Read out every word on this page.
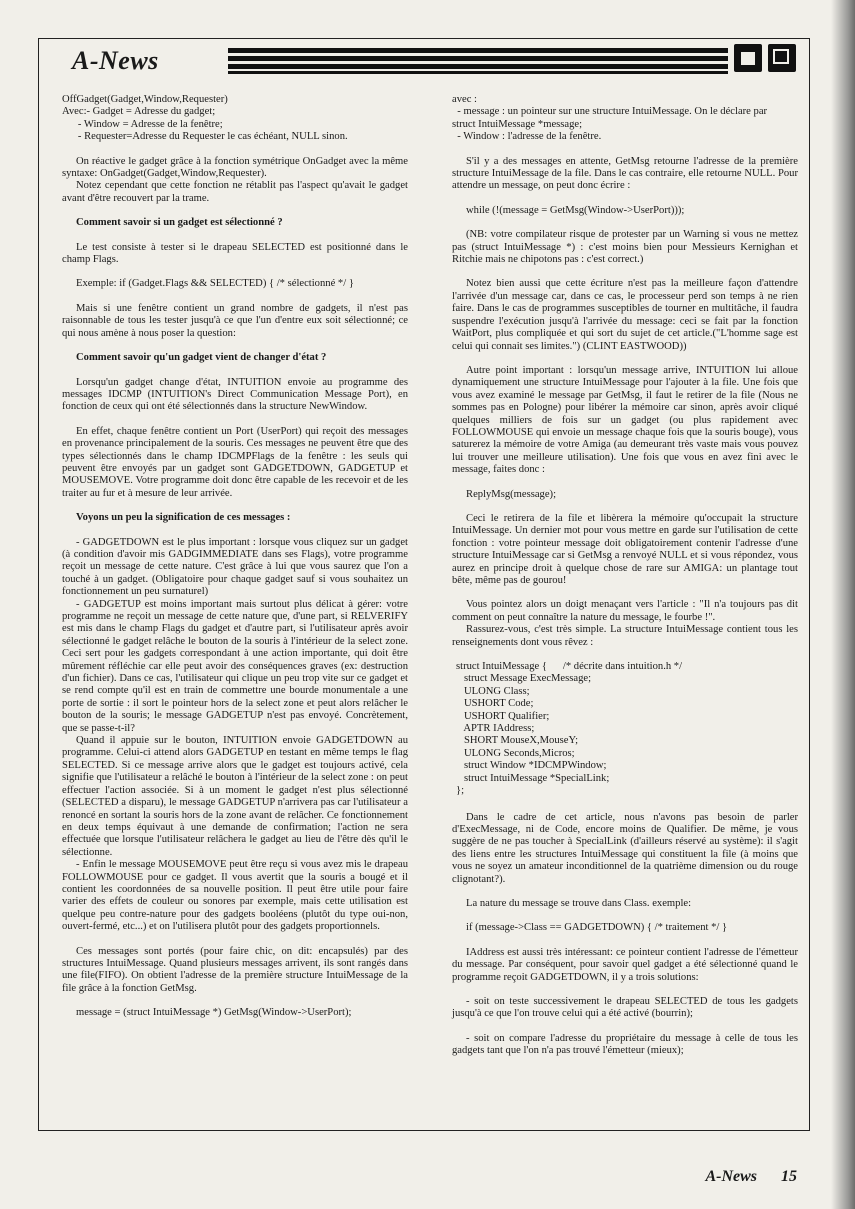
A-News

OffGadget(Gadget,Window,Requester)

Avec:- Gadget = Adresse du gadget;

- Window = Adresse de la fenêtre;

- Requester=Adresse du Requester le cas échéant, NULL sinon.

On réactive le gadget grâce à la fonction symétrique OnGadget avec la même syntaxe: OnGadget(Gadget,Window,Requester).

Notez cependant que cette fonction ne rétablit pas l'aspect qu'avait le gadget avant d'être recouvert par la trame.

Comment savoir si un gadget est sélectionné ?

Le test consiste à tester si le drapeau SELECTED est positionné dans le champ Flags.

Exemple: if (Gadget.Flags && SELECTED) { /* sélectionné */ }

Mais si une fenêtre contient un grand nombre de gadgets, il n'est pas raisonnable de tous les tester jusqu'à ce que l'un d'entre eux soit sélectionné; ce qui nous amène à nous poser la question:

Comment savoir qu'un gadget vient de changer d'état ?

Lorsqu'un gadget change d'état, INTUITION envoie au programme des messages IDCMP (INTUITION's Direct Communication Message Port), en fonction de ceux qui ont été sélectionnés dans la structure NewWindow.

En effet, chaque fenêtre contient un Port (UserPort) qui reçoit des messages en provenance principalement de la souris. Ces messages ne peuvent être que des types sélectionnés dans le champ IDCMPFlags de la fenêtre : les seuls qui peuvent être envoyés par un gadget sont GADGETDOWN, GADGETUP et MOUSEMOVE. Votre programme doit donc être capable de les recevoir et de les traiter au fur et à mesure de leur arrivée.

Voyons un peu la signification de ces messages :

- GADGETDOWN est le plus important : lorsque vous cliquez sur un gadget (à condition d'avoir mis GADGIMMEDIATE dans ses Flags), votre programme reçoit un message de cette nature. C'est grâce à lui que vous saurez que l'on a touché à un gadget. (Obligatoire pour chaque gadget sauf si vous souhaitez un fonctionnement un peu surnaturel)

- GADGETUP est moins important mais surtout plus délicat à gérer: votre programme ne reçoit un message de cette nature que, d'une part, si RELVERIFY est mis dans le champ Flags du gadget et d'autre part, si l'utilisateur après avoir sélectionné le gadget relâche le bouton de la souris à l'intérieur de la select zone. Ceci sert pour les gadgets correspondant à une action importante, qui doit être mûrement réfléchie car elle peut avoir des conséquences graves (ex: destruction d'un fichier). Dans ce cas, l'utilisateur qui clique un peu trop vite sur ce gadget et se rend compte qu'il est en train de commettre une bourde monumentale a une porte de sortie : il sort le pointeur hors de la select zone et peut alors relâcher le bouton de la souris; le message GADGETUP n'est pas envoyé. Concrètement, que se passe-t-il?

Quand il appuie sur le bouton, INTUITION envoie GADGETDOWN au programme. Celui-ci attend alors GADGETUP en testant en même temps le flag SELECTED. Si ce message arrive alors que le gadget est toujours activé, cela signifie que l'utilisateur a relâché le bouton à l'intérieur de la select zone : on peut effectuer l'action associée. Si à un moment le gadget n'est plus sélectionné (SELECTED a disparu), le message GADGETUP n'arrivera pas car l'utilisateur a renoncé en sortant la souris hors de la zone avant de relâcher. Ce fonctionnement en deux temps équivaut à une demande de confirmation; l'action ne sera effectuée que lorsque l'utilisateur relâchera le gadget au lieu de l'être dès qu'il le sélectionne.

- Enfin le message MOUSEMOVE peut être reçu si vous avez mis le drapeau FOLLOWMOUSE pour ce gadget. Il vous avertit que la souris a bougé et il contient les coordonnées de sa nouvelle position. Il peut être utile pour faire varier des effets de couleur ou sonores par exemple, mais cette utilisation est quelque peu contre-nature pour des gadgets booléens (plutôt du type oui-non, ouvert-fermé, etc...) et on l'utilisera plutôt pour des gadgets proportionnels.

Ces messages sont portés (pour faire chic, on dit: encapsulés) par des structures IntuiMessage. Quand plusieurs messages arrivent, ils sont rangés dans une file(FIFO). On obtient l'adresse de la première structure IntuiMessage de la file grâce à la fonction GetMsg.

message = (struct IntuiMessage *) GetMsg(Window->UserPort);

avec :

- message : un pointeur sur une structure IntuiMessage. On le déclare par      struct IntuiMessage *message;

- Window : l'adresse de la fenêtre.

S'il y a des messages en attente, GetMsg retourne l'adresse de la première structure IntuiMessage de la file. Dans le cas contraire, elle retourne NULL. Pour attendre un message, on peut donc écrire :

while (!(message = GetMsg(Window->UserPort)));

(NB: votre compilateur risque de protester par un Warning si vous ne mettez pas (struct IntuiMessage *) : c'est moins bien pour Messieurs Kernighan et Ritchie mais ne chipotons pas : c'est correct.)

Notez bien aussi que cette écriture n'est pas la meilleure façon d'attendre l'arrivée d'un message car, dans ce cas, le processeur perd son temps à ne rien faire. Dans le cas de programmes susceptibles de tourner en multitâche, il faudra suspendre l'exécution jusqu'à l'arrivée du message: ceci se fait par la fonction WaitPort, plus compliquée et qui sort du sujet de cet article.("L'homme sage est celui qui connait ses limites.") (CLINT EASTWOOD))

Autre point important : lorsqu'un message arrive, INTUITION lui alloue dynamiquement une structure IntuiMessage pour l'ajouter à la file. Une fois que vous avez examiné le message par GetMsg, il faut le retirer de la file (Nous ne sommes pas en Pologne) pour libérer la mémoire car sinon, après avoir cliqué quelques milliers de fois sur un gadget (ou plus rapidement avec FOLLOWMOUSE qui envoie un message chaque fois que la souris bouge), vous saturerez la mémoire de votre Amiga (au demeurant très vaste mais vous pouvez lui trouver une meilleure utilisation). Une fois que vous en avez fini avec le message, faites donc :

ReplyMsg(message);

Ceci le retirera de la file et libèrera la mémoire qu'occupait la structure IntuiMessage. Un dernier mot pour vous mettre en garde sur l'utilisation de cette fonction : votre pointeur message doit obligatoirement contenir l'adresse d'une structure IntuiMessage car si GetMsg a renvoyé NULL et si vous répondez, vous aurez en principe droit à quelque chose de rare sur AMIGA: un plantage tout bête, même pas de gourou!

Vous pointez alors un doigt menaçant vers l'article : "Il n'a toujours pas dit comment on peut connaître la nature du message, le fourbe !".

Rassurez-vous, c'est très simple. La structure IntuiMessage contient tous les renseignements dont vous rêvez :

struct IntuiMessage {      /* décrite dans intuition.h */
struct Message ExecMessage;
ULONG Class;
USHORT Code;
USHORT Qualifier;
APTR IAddress;
SHORT MouseX,MouseY;
ULONG Seconds,Micros;
struct Window *IDCMPWindow;
struct IntuiMessage *SpecialLink;
};

Dans le cadre de cet article, nous n'avons pas besoin de parler d'ExecMessage, ni de Code, encore moins de Qualifier. De même, je vous suggère de ne pas toucher à SpecialLink (d'ailleurs réservé au système): il s'agit des liens entre les structures IntuiMessage qui constituent la file (à moins que vous ne soyez un amateur inconditionnel de la quatrième dimension ou du rouge clignotant?).

La nature du message se trouve dans Class. exemple:

if (message->Class == GADGETDOWN) { /* traitement */ }

IAddress est aussi très intéressant: ce pointeur contient l'adresse de l'émetteur du message. Par conséquent, pour savoir quel gadget a été sélectionné quand le programme reçoit GADGETDOWN, il y a trois solutions:

- soit on teste successivement le drapeau SELECTED de tous les gadgets jusqu'à ce que l'on trouve celui qui a été activé (bourrin);

- soit on compare l'adresse du propriétaire du message à celle de tous les gadgets tant que l'on n'a pas trouvé l'émetteur (mieux);

A-News 15
